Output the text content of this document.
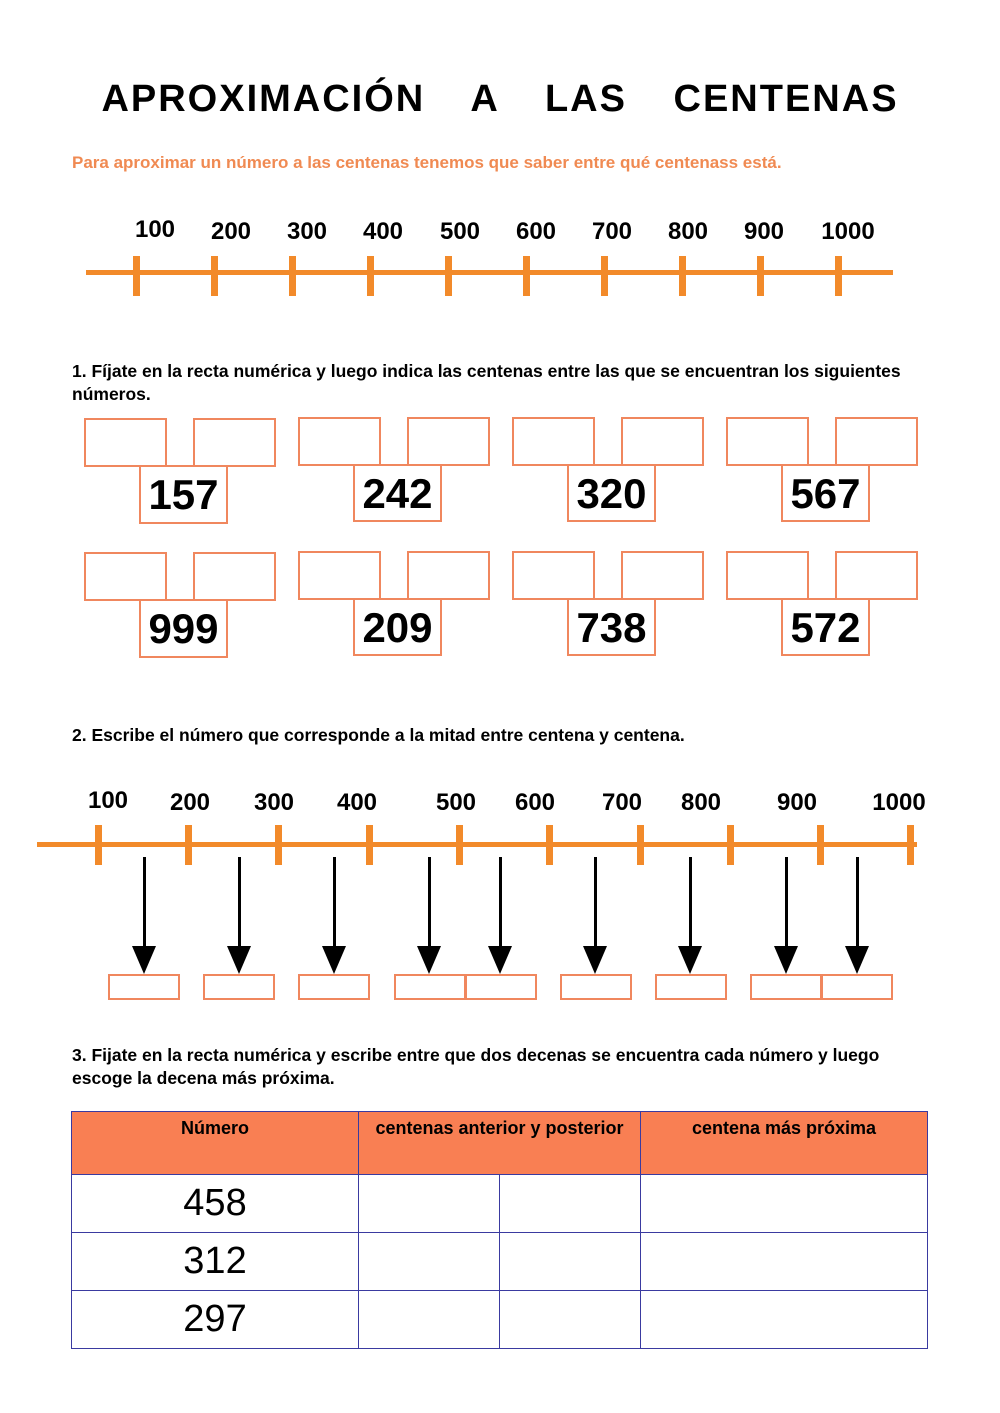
APROXIMACIÓN A LAS CENTENAS
Para aproximar un número a las centenas tenemos que saber entre qué centenass está.
100 200 300 400 500 600 700 800 900 1000
1. Fíjate en la recta numérica y luego indica las centenas entre las que se encuentran los siguientes números.
157	242	320	567
999	209	738	572
2. Escribe el número que corresponde a la mitad entre centena y centena.
100 200 300 400 500 600 700 800 900 1000
3. Fijate en la recta numérica y escribe entre que dos decenas se encuentra cada número y luego escoge la decena más próxima.
Número	centenas anterior y posterior		centena más próxima
458			
312			
297			
